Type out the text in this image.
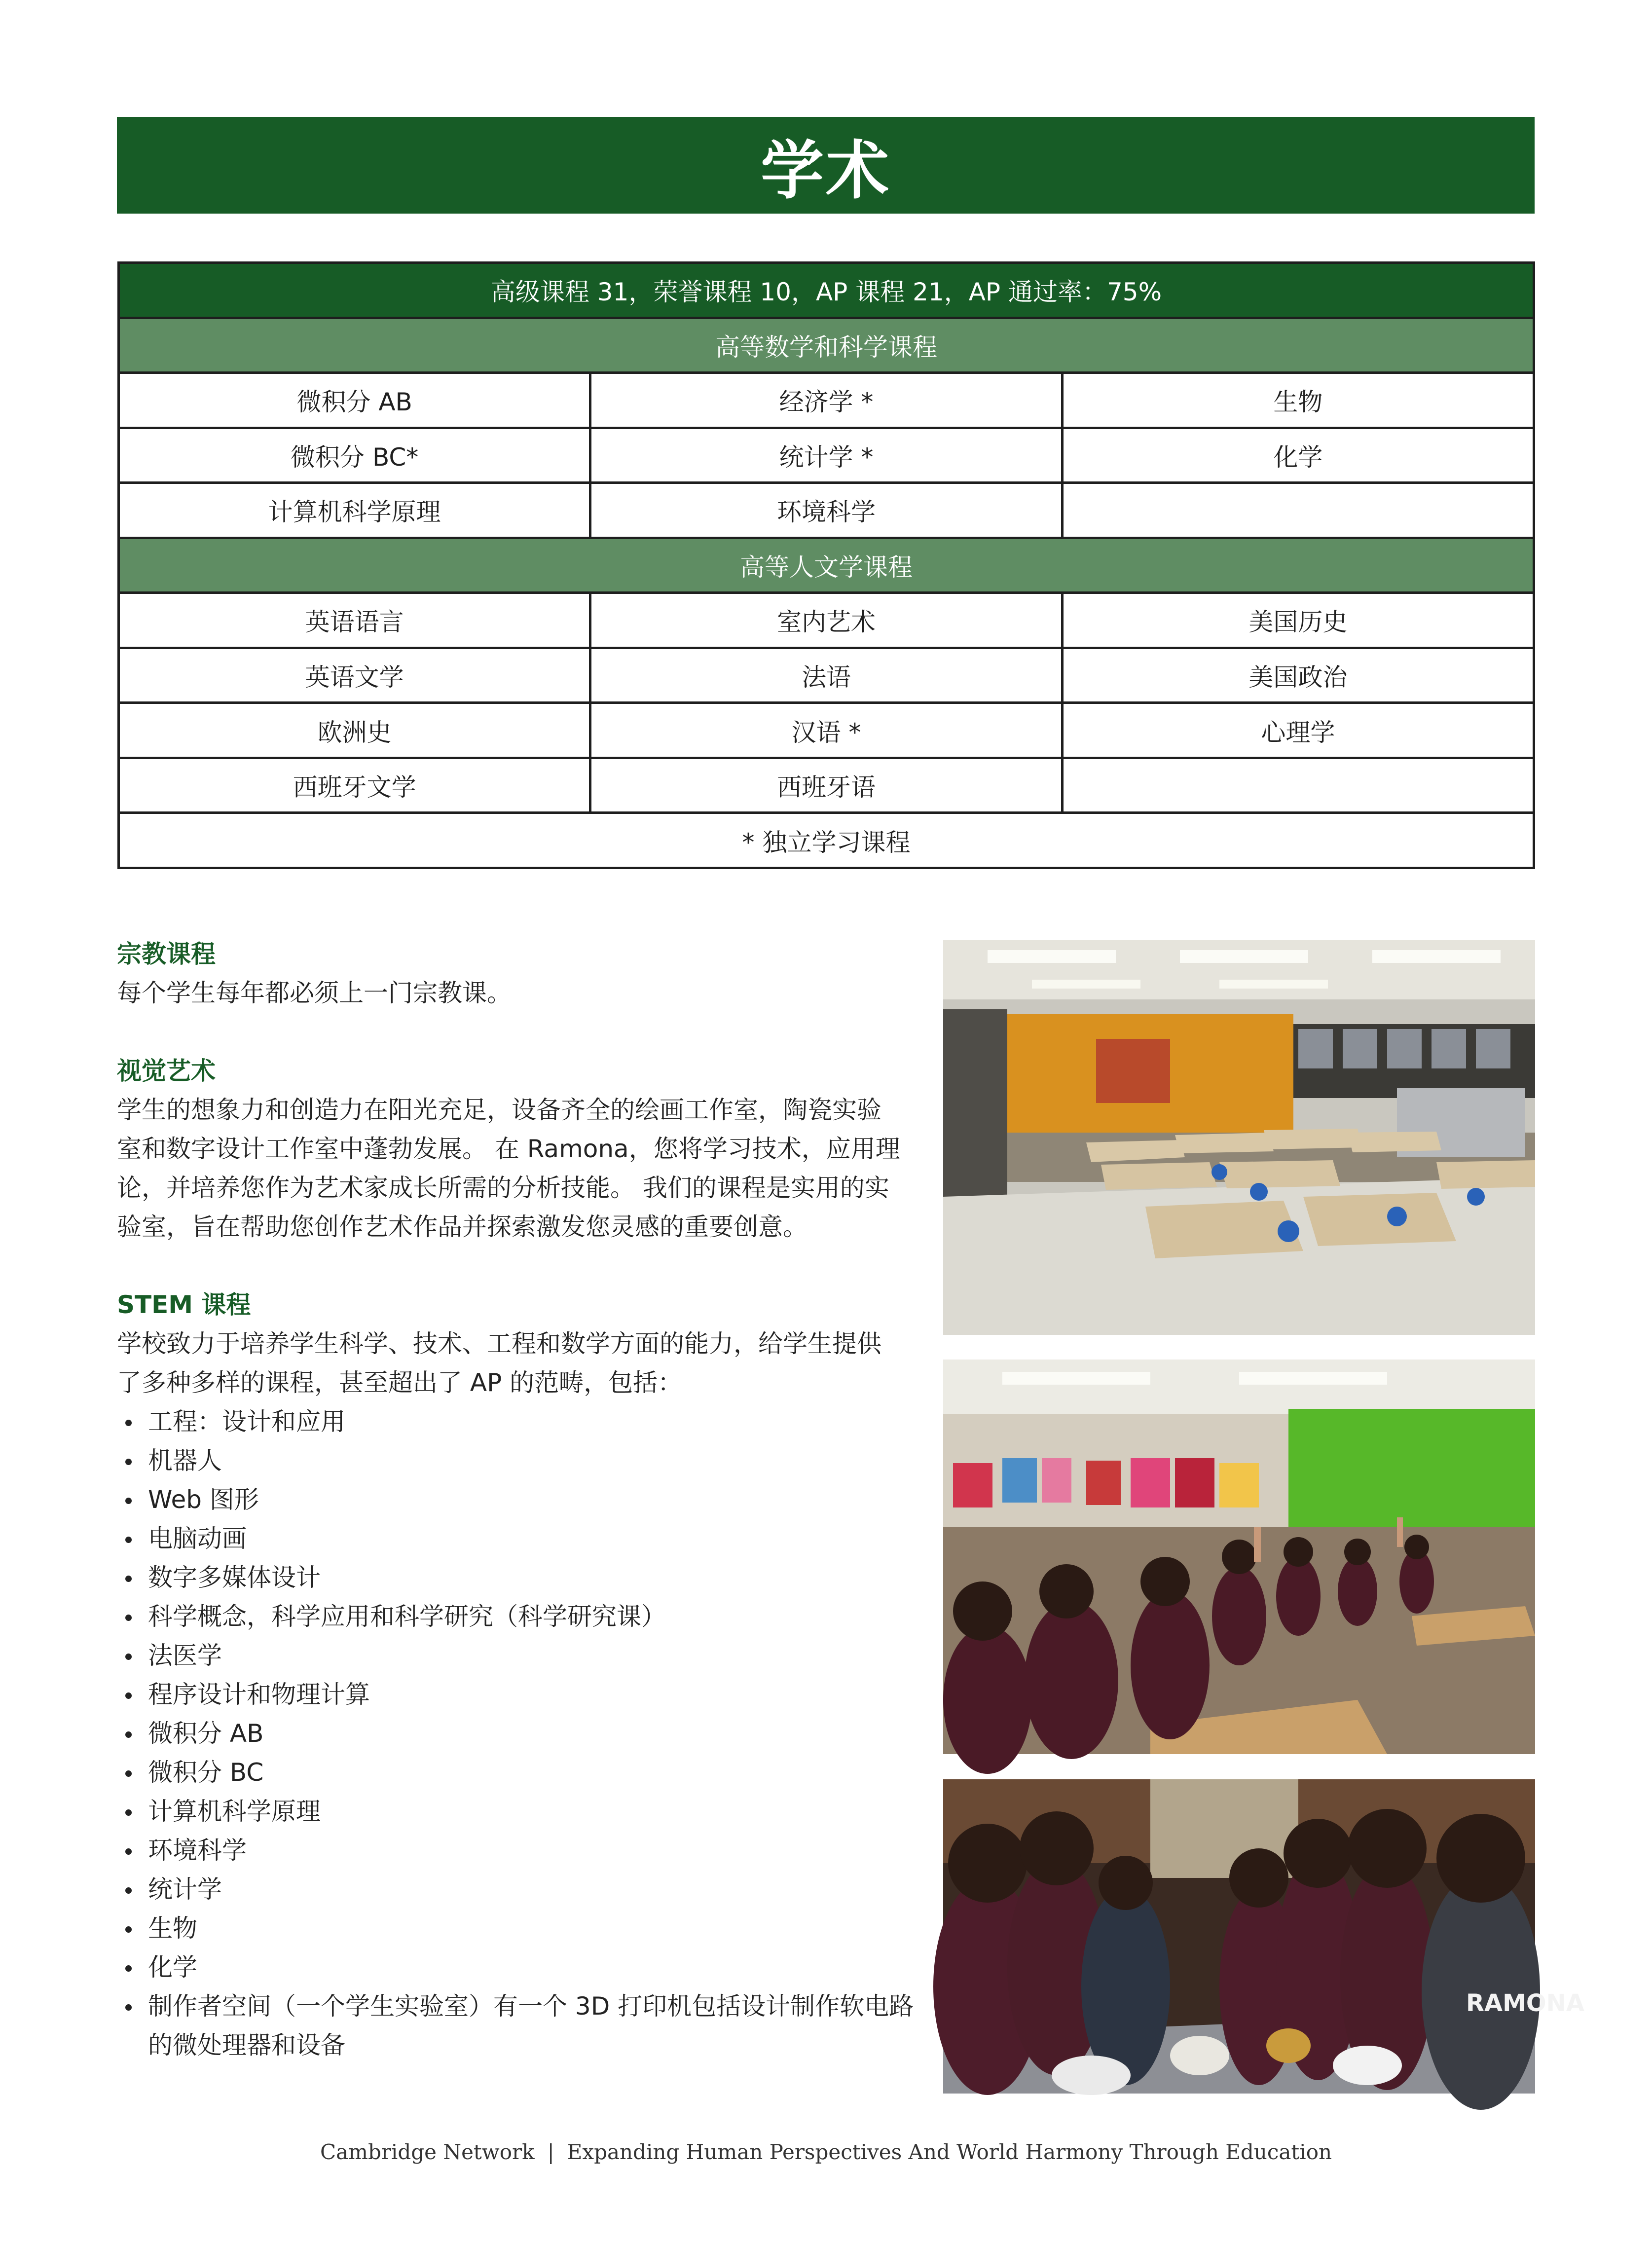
学术
高级课程 31，荣誉课程 10，AP 课程 21，AP 通过率：75%		
高等数学和科学课程		
微积分 AB	经济学 *	生物
微积分 BC*	统计学 *	化学
计算机科学原理	环境科学	
高等人文学课程		
英语语言	室内艺术	美国历史
英语文学	法语	美国政治
欧洲史	汉语 *	心理学
西班牙文学	西班牙语	
* 独立学习课程		

宗教课程

每个学生每年都必须上一门宗教课。

视觉艺术

学生的想象力和创造力在阳光充足，设备齐全的绘画工作室，陶瓷实验

室和数字设计工作室中蓬勃发展。 在 Ramona，您将学习技术，应用理

论，并培养您作为艺术家成长所需的分析技能。 我们的课程是实用的实

验室，旨在帮助您创作艺术作品并探索激发您灵感的重要创意。

STEM 课程

学校致力于培养学生科学、技术、工程和数学方面的能力，给学生提供

了多种多样的课程，甚至超出了 AP 的范畴，包括：

工程：设计和应用
机器人
Web 图形
电脑动画
数字多媒体设计
科学概念，科学应用和科学研究（科学研究课）
法医学
程序设计和物理计算
微积分 AB
微积分 BC
计算机科学原理
环境科学
统计学
生物
化学
制作者空间（一个学生实验室）有一个 3D 打印机包括设计制作软电路的微处理器和设备
RAMONA
Cambridge Network | Expanding Human Perspectives And World Harmony Through Education
